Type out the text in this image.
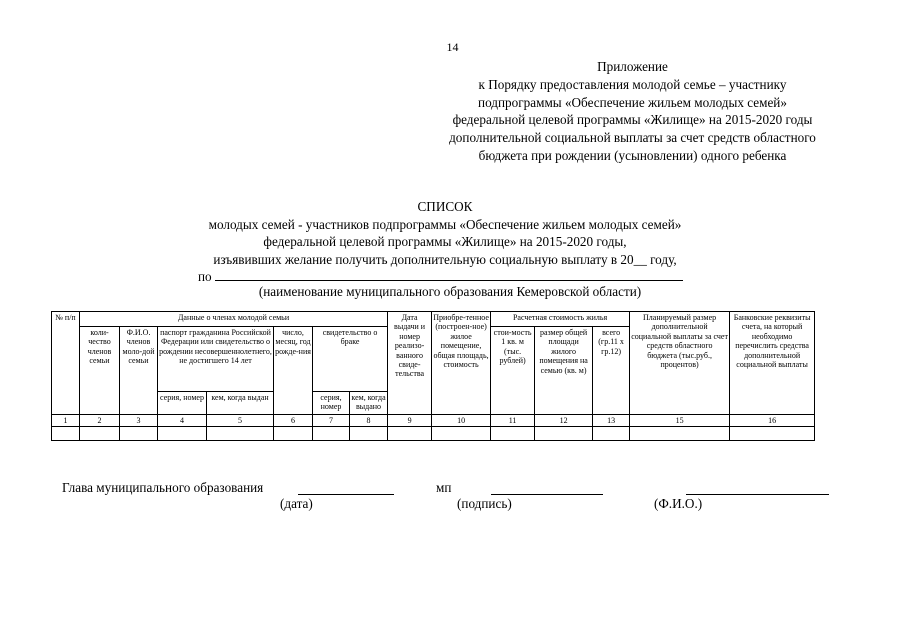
14
Приложение
к Порядку предоставления молодой семье – участнику
подпрограммы «Обеспечение жильем молодых семей»
федеральной целевой программы «Жилище» на 2015-2020 годы
дополнительной социальной выплаты за счет средств областного
бюджета при рождении (усыновлении) одного ребенка
СПИСОК
молодых семей - участников подпрограммы «Обеспечение жильем молодых семей»
федеральной целевой программы «Жилище» на 2015-2020 годы,
изъявивших желание получить дополнительную социальную выплату в 20__ году,
по
(наименование муниципального образования Кемеровской области)
№ п/п	Данные о членах молодой семьи							Дата выдачи и номер реализо-ванного свиде-тельства	Приобре-тенное (построен-ное) жилое помещение, общая площадь, стоимость	Расчетная стоимость жилья			Планируемый размер дополнительной социальной выплаты за счет средств областного бюджета (тыс.руб., процентов)	Банковские реквизиты счета, на который необходимо перечислить средства дополнительной социальной выплаты
	коли-чество членов семьи	Ф.И.О. членов моло-дой семьи	паспорт гражданина Российской Федерации или свидетельство о рождении несовершеннолетнего, не достигшего 14 лет		число, месяц, год рожде-ния	свидетельство о браке				стои-мость 1 кв. м (тыс. рублей)	размер общей площади жилого помещения на семью (кв. м)	всего (гр.11 х гр.12)		
			серия, номер	кем, когда выдан		серия, номер	кем, когда выдано							
1	2	3	4	5	6	7	8	9	10	11	12	13	15	16

Глава муниципального образования	мп
(дата)	(подпись)	(Ф.И.О.)
